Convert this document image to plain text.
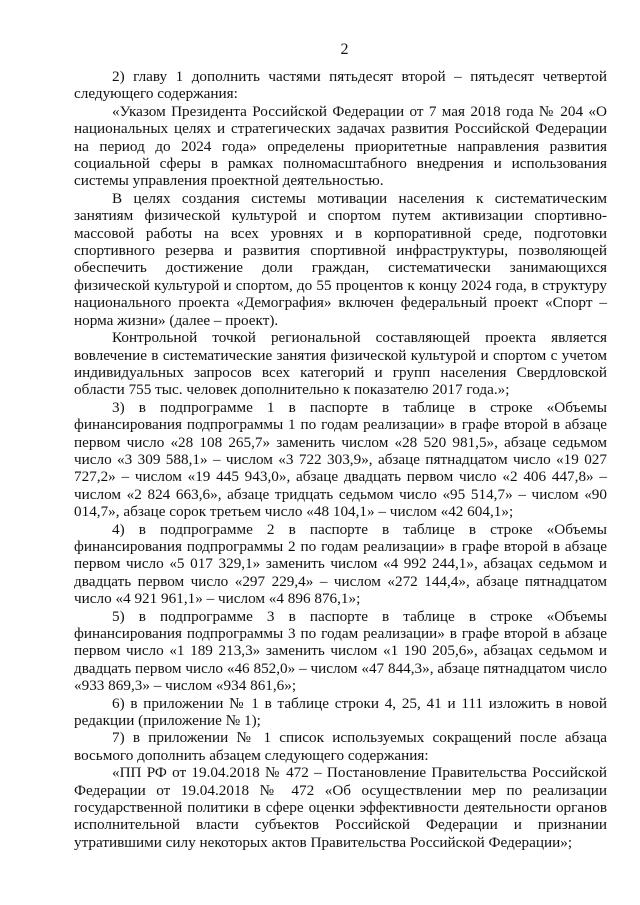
2

2) главу 1 дополнить частями пятьдесят второй – пятьдесят четвертой следующего содержания:

«Указом Президента Российской Федерации от 7 мая 2018 года № 204 «О национальных целях и стратегических задачах развития Российской Федерации на период до 2024 года» определены приоритетные направления развития социальной сферы в рамках полномасштабного внедрения и использования системы управления проектной деятельностью.

В целях создания системы мотивации населения к систематическим занятиям физической культурой и спортом путем активизации спортивно-массовой работы на всех уровнях и в корпоративной среде, подготовки спортивного резерва и развития спортивной инфраструктуры, позволяющей обеспечить достижение доли граждан, систематически занимающихся физической культурой и спортом, до 55 процентов к концу 2024 года, в структуру национального проекта «Демография» включен федеральный проект «Спорт – норма жизни» (далее – проект).

Контрольной точкой региональной составляющей проекта является вовлечение в систематические занятия физической культурой и спортом с учетом индивидуальных запросов всех категорий и групп населения Свердловской области 755 тыс. человек дополнительно к показателю 2017 года.»;

3) в подпрограмме 1 в паспорте в таблице в строке «Объемы финансирования подпрограммы 1 по годам реализации» в графе второй в абзаце первом число «28 108 265,7» заменить числом «28 520 981,5», абзаце седьмом число «3 309 588,1» – числом «3 722 303,9», абзаце пятнадцатом число «19 027 727,2» – числом «19 445 943,0», абзаце двадцать первом число «2 406 447,8» – числом «2 824 663,6», абзаце тридцать седьмом число «95 514,7» – числом «90 014,7», абзаце сорок третьем число «48 104,1» – числом «42 604,1»;

4) в подпрограмме 2 в паспорте в таблице в строке «Объемы финансирования подпрограммы 2 по годам реализации» в графе второй в абзаце первом число «5 017 329,1» заменить числом «4 992 244,1», абзацах седьмом и двадцать первом число «297 229,4» – числом «272 144,4», абзаце пятнадцатом число «4 921 961,1» – числом «4 896 876,1»;

5) в подпрограмме 3 в паспорте в таблице в строке «Объемы финансирования подпрограммы 3 по годам реализации» в графе второй в абзаце первом число «1 189 213,3» заменить числом «1 190 205,6», абзацах седьмом и двадцать первом число «46 852,0» – числом «47 844,3», абзаце пятнадцатом число «933 869,3» – числом «934 861,6»;

6) в приложении № 1 в таблице строки 4, 25, 41 и 111 изложить в новой редакции (приложение № 1);

7) в приложении № 1 список используемых сокращений после абзаца восьмого дополнить абзацем следующего содержания:

«ПП РФ от 19.04.2018 № 472 – Постановление Правительства Российской Федерации от 19.04.2018 № 472 «Об осуществлении мер по реализации государственной политики в сфере оценки эффективности деятельности органов исполнительной власти субъектов Российской Федерации и признании утратившими силу некоторых актов Правительства Российской Федерации»;
